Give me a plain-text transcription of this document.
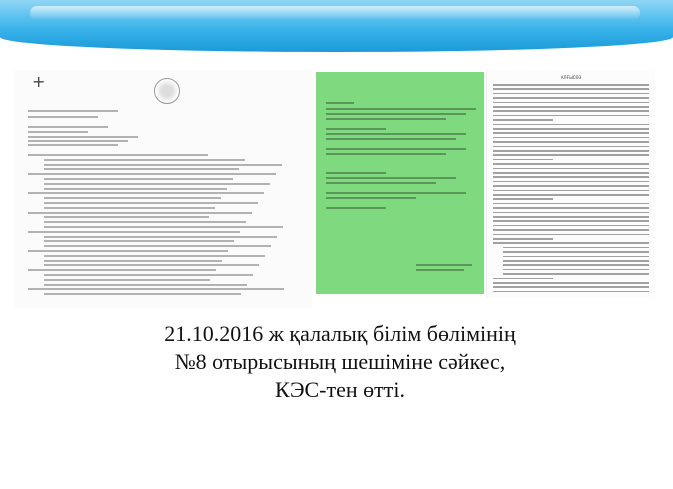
+	АЛҒЫСӨЗ
21.10.2016 ж қалалық білім бөлімінің
№8 отырысының шешіміне сәйкес,
КЭС-тен өтті.
